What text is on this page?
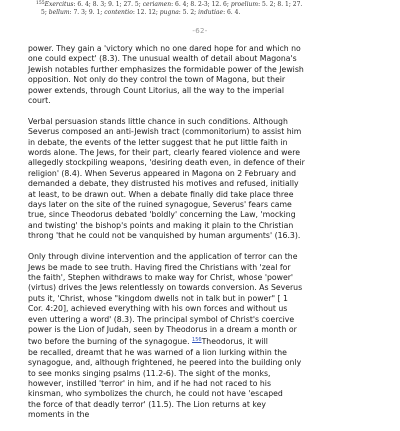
$^{155}$Exercitus: 6. 4; 8. 3; 9. 1; 27. 5; ceriamen: 6. 4; 8. 2-3; 12. 6; proelium: 5. 2; 8. 1; 27.
5; bellum: 7. 3; 9. 1; contentio: 12. 12; pugna: 5. 2; indutiae: 6. 4.
-62-

power. They gain a 'victory which no one dared hope for and which no
one could expect' (8.3). The unusual wealth of detail about Magona's
Jewish notables further emphasizes the formidable power of the Jewish
opposition. Not only do they control the town of Magona, but their
power extends, through Count Litorius, all the way to the imperial
court.

Verbal persuasion stands little chance in such conditions. Although
Severus composed an anti-Jewish tract (commonitorium) to assist him
in debate, the events of the letter suggest that he put little faith in
words alone. The Jews, for their part, clearly feared violence and were
allegedly stockpiling weapons, 'desiring death even, in defence of their
religion' (8.4). When Severus appeared in Magona on 2 February and
demanded a debate, they distrusted his motives and refused, initially
at least, to be drawn out. When a debate finally did take place three
days later on the site of the ruined synagogue, Severus' fears came
true, since Theodorus debated 'boldly' concerning the Law, 'mocking
and twisting' the bishop's points and making it plain to the Christian
throng 'that he could not be vanquished by human arguments' (16.3).

Only through divine intervention and the application of terror can the
Jews be made to see truth. Having fired the Christians with 'zeal for
the faith', Stephen withdraws to make way for Christ, whose 'power'
(virtus) drives the Jews relentlessly on towards conversion. As Severus
puts it, 'Christ, whose "kingdom dwells not in talk but in power" [ 1
Cor. 4:20], achieved everything with his own forces and without us
even uttering a word' (8.3). The principal symbol of Christ's coercive
power is the Lion of Judah, seen by Theodorus in a dream a month or
two before the burning of the synagogue. $^{156}$Theodorus, it will
be recalled, dreamt that he was warned of a lion lurking within the
synagogue, and, although frightened, he peered into the building only
to see monks singing psalms (11.2-6). The sight of the monks,
however, instilled 'terror' in him, and if he had not raced to his
kinsman, who symbolizes the church, he could not have 'escaped
the force of that deadly terror' (11.5). The Lion returns at key
moments in the
